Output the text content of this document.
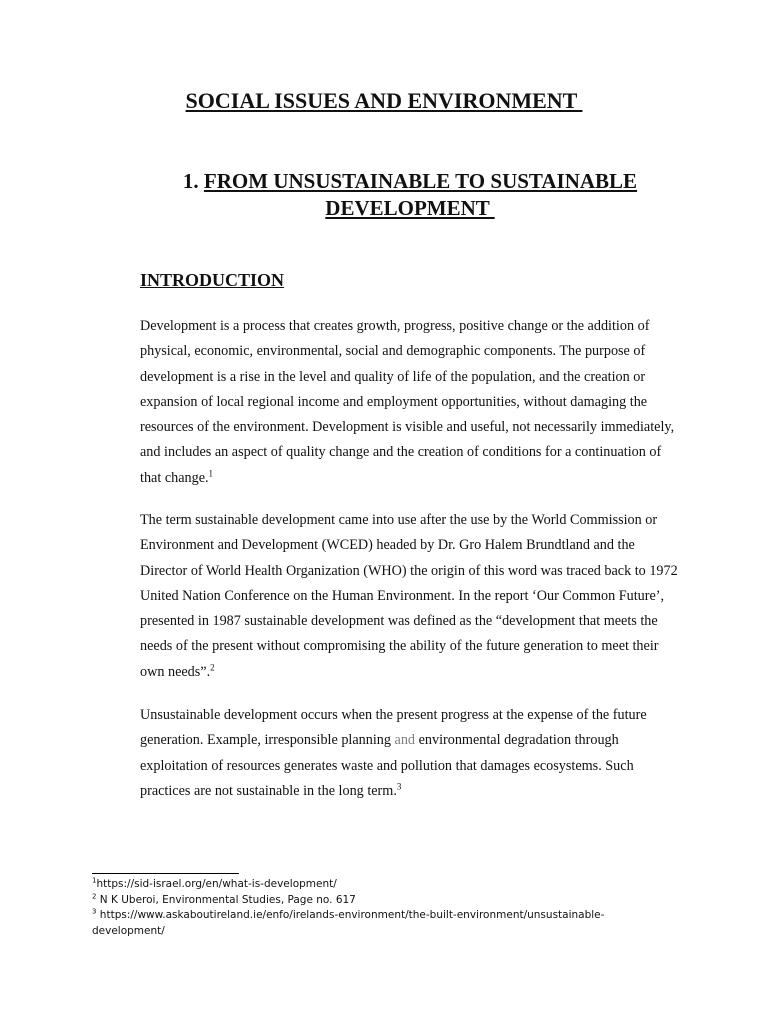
SOCIAL ISSUES AND ENVIRONMENT
1. FROM UNSUSTAINABLE TO SUSTAINABLE
DEVELOPMENT
INTRODUCTION

Development is a process that creates growth, progress, positive change or the addition of physical, economic, environmental, social and demographic components. The purpose of development is a rise in the level and quality of life of the population, and the creation or expansion of local regional income and employment opportunities, without damaging the resources of the environment. Development is visible and useful, not necessarily immediately, and includes an aspect of quality change and the creation of conditions for a continuation of that change.$^1$

The term sustainable development came into use after the use by the World Commission or Environment and Development (WCED) headed by Dr. Gro Halem Brundtland and the Director of World Health Organization (WHO) the origin of this word was traced back to 1972 United Nation Conference on the Human Environment. In the report ‘Our Common Future’, presented in 1987 sustainable development was defined as the “development that meets the needs of the present without compromising the ability of the future generation to meet their own needs”.$^2$

Unsustainable development occurs when the present progress at the expense of the future generation. Example, irresponsible planning and environmental degradation through exploitation of resources generates waste and pollution that damages ecosystems. Such practices are not sustainable in the long term.$^3$

$^1$https://sid-israel.org/en/what-is-development/

$^2$ N K Uberoi, Environmental Studies, Page no. 617

$^3$ https://www.askaboutireland.ie/enfo/irelands-environment/the-built-environment/unsustainable-development/
